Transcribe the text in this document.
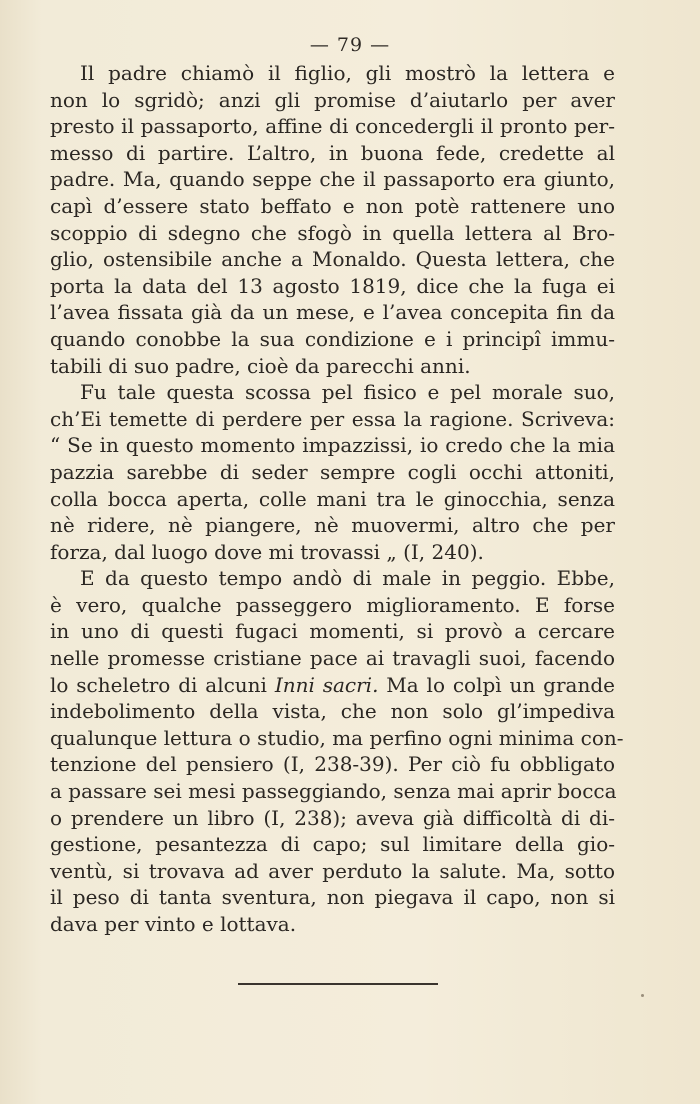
— 79 —

Il padre chiamò il figlio, gli mostrò la lettera e
non lo sgridò; anzi gli promise d’aiutarlo per aver
presto il passaporto, affine di concedergli il pronto per-
messo di partire. L’altro, in buona fede, credette al
padre. Ma, quando seppe che il passaporto era giunto,
capì d’essere stato beffato e non potè rattenere uno
scoppio di sdegno che sfogò in quella lettera al Bro-
glio, ostensibile anche a Monaldo. Questa lettera, che
porta la data del 13 agosto 1819, dice che la fuga ei
l’avea fissata già da un mese, e l’avea concepita fin da
quando conobbe la sua condizione e i principî immu-
tabili di suo padre, cioè da parecchi anni.

Fu tale questa scossa pel fisico e pel morale suo,
ch’Ei temette di perdere per essa la ragione. Scriveva:
“ Se in questo momento impazzissi, io credo che la mia
pazzia sarebbe di seder sempre cogli occhi attoniti,
colla bocca aperta, colle mani tra le ginocchia, senza
nè ridere, nè piangere, nè muovermi, altro che per
forza, dal luogo dove mi trovassi „ (I, 240).

E da questo tempo andò di male in peggio. Ebbe,
è vero, qualche passeggero miglioramento. E forse
in uno di questi fugaci momenti, si provò a cercare
nelle promesse cristiane pace ai travagli suoi, facendo
lo scheletro di alcuni Inni sacri. Ma lo colpì un grande
indebolimento della vista, che non solo gl’impediva
qualunque lettura o studio, ma perfino ogni minima con-
tenzione del pensiero (I, 238-39). Per ciò fu obbligato
a passare sei mesi passeggiando, senza mai aprir bocca
o prendere un libro (I, 238); aveva già difficoltà di di-
gestione, pesantezza di capo; sul limitare della gio-
ventù, si trovava ad aver perduto la salute. Ma, sotto
il peso di tanta sventura, non piegava il capo, non si
dava per vinto e lottava.
